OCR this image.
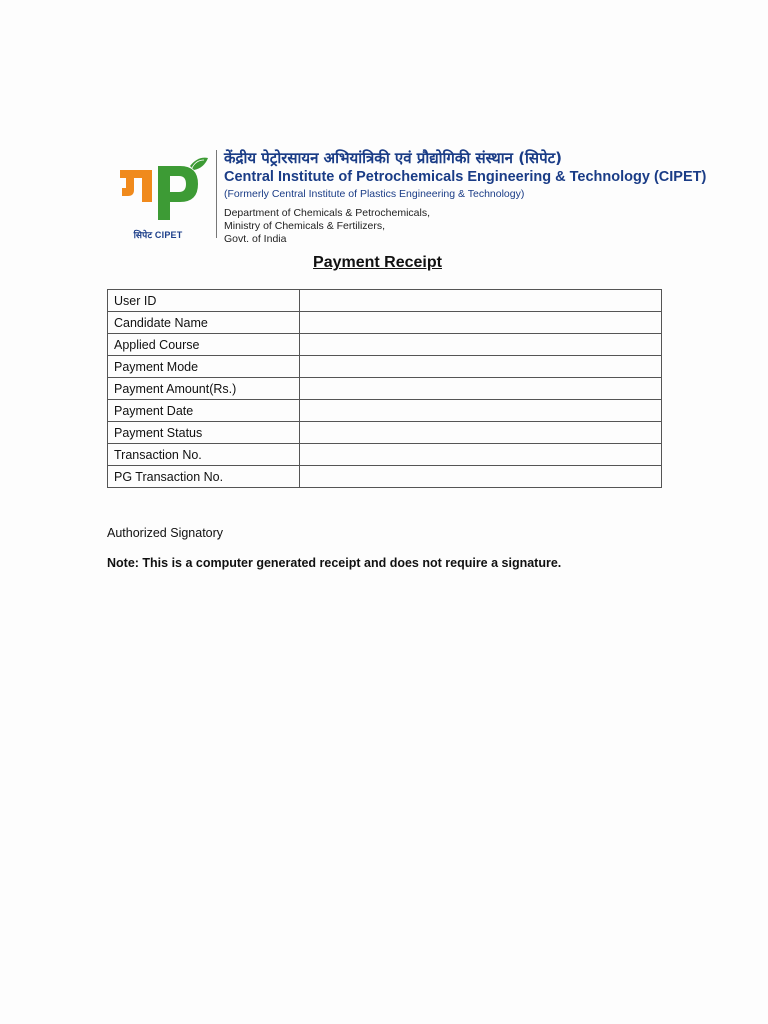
सिपेट CIPET
केंद्रीय पेट्रोरसायन अभियांत्रिकी एवं प्रौद्योगिकी संस्थान (सिपेट)
Central Institute of Petrochemicals Engineering & Technology (CIPET)
(Formerly Central Institute of Plastics Engineering & Technology)
Department of Chemicals & Petrochemicals,
Ministry of Chemicals & Fertilizers,
Govt. of India
Payment Receipt
User ID	
Candidate Name	
Applied Course	
Payment Mode	
Payment Amount(Rs.)	
Payment Date	
Payment Status	
Transaction No.	
PG Transaction No.	
Authorized Signatory
Note: This is a computer generated receipt and does not require a signature.
